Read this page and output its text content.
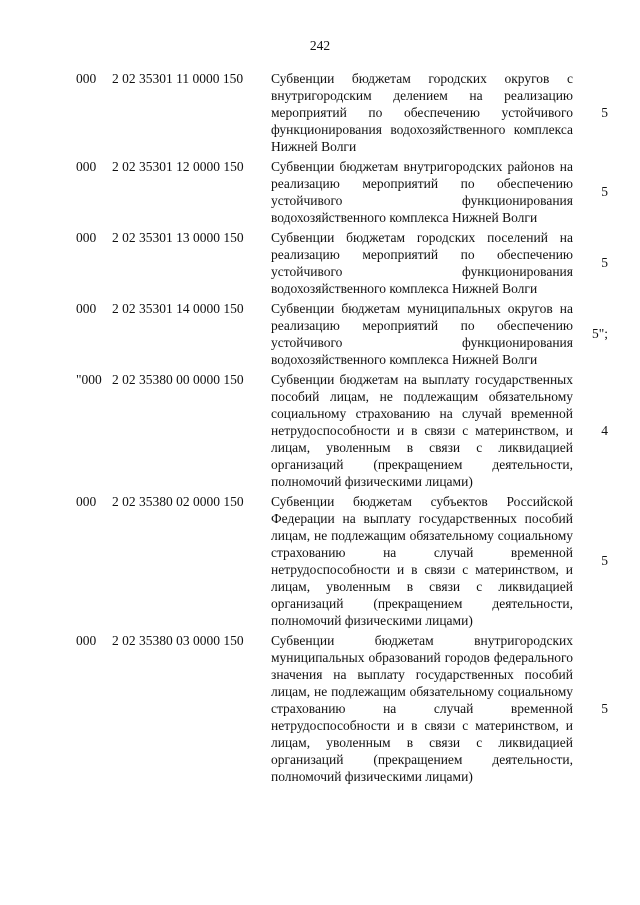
242
000 2 02 35301 11 0000 150 Субвенции бюджетам городских округов с внутригородским делением на реализацию мероприятий по обеспечению устойчивого функционирования водохозяйственного комплекса Нижней Волги
5
000 2 02 35301 12 0000 150 Субвенции бюджетам внутригородских районов на реализацию мероприятий по обеспечению устойчивого функционирования водохозяйственного комплекса Нижней Волги
5
000 2 02 35301 13 0000 150 Субвенции бюджетам городских поселений на реализацию мероприятий по обеспечению устойчивого функционирования водохозяйственного комплекса Нижней Волги
5
000 2 02 35301 14 0000 150 Субвенции бюджетам муниципальных округов на реализацию мероприятий по обеспечению устойчивого функционирования водохозяйственного комплекса Нижней Волги
5";
"000 2 02 35380 00 0000 150 Субвенции бюджетам на выплату государственных пособий лицам, не подлежащим обязательному социальному страхованию на случай временной нетрудоспособности и в связи с материнством, и лицам, уволенным в связи с ликвидацией организаций (прекращением деятельности, полномочий физическими лицами)
4
000 2 02 35380 02 0000 150 Субвенции бюджетам субъектов Российской Федерации на выплату государственных пособий лицам, не подлежащим обязательному социальному страхованию на случай временной нетрудоспособности и в связи с материнством, и лицам, уволенным в связи с ликвидацией организаций (прекращением деятельности, полномочий физическими лицами)
5
000 2 02 35380 03 0000 150 Субвенции бюджетам внутригородских муниципальных образований городов федерального значения на выплату государственных пособий лицам, не подлежащим обязательному социальному страхованию на случай временной нетрудоспособности и в связи с материнством, и лицам, уволенным в связи с ликвидацией организаций (прекращением деятельности, полномочий физическими лицами)
5
